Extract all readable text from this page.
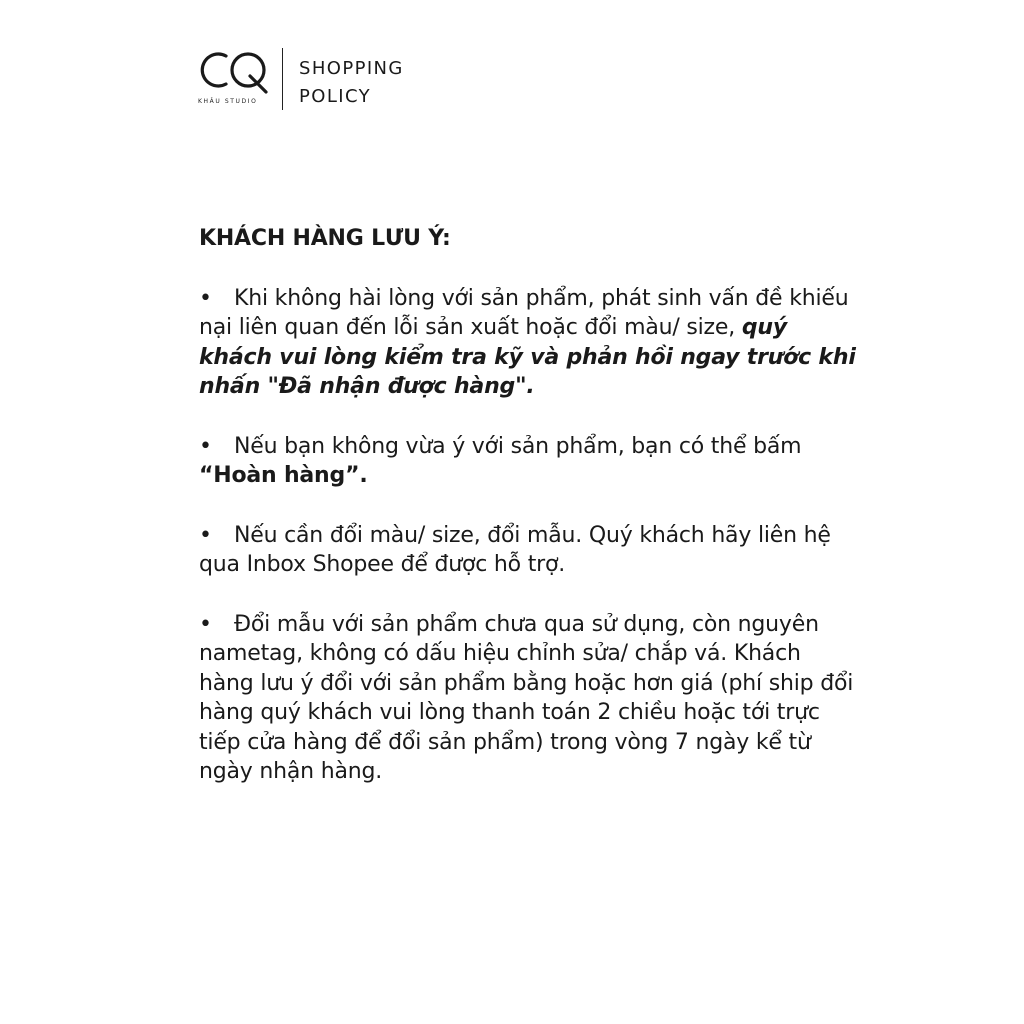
KHÂU STUDIO
SHOPPING
POLICY

KHÁCH HÀNG LƯU Ý:

• Khi không hài lòng với sản phẩm, phát sinh vấn đề khiếu nại liên quan đến lỗi sản xuất hoặc đổi màu/ size, quý khách vui lòng kiểm tra kỹ và phản hồi ngay trước khi nhấn "Đã nhận được hàng".

• Nếu bạn không vừa ý với sản phẩm, bạn có thể bấm “Hoàn hàng”.

• Nếu cần đổi màu/ size, đổi mẫu. Quý khách hãy liên hệ qua Inbox Shopee để được hỗ trợ.

• Đổi mẫu với sản phẩm chưa qua sử dụng, còn nguyên nametag, không có dấu hiệu chỉnh sửa/ chắp vá. Khách hàng lưu ý đổi với sản phẩm bằng hoặc hơn giá (phí ship đổi hàng quý khách vui lòng thanh toán 2 chiều hoặc tới trực tiếp cửa hàng để đổi sản phẩm) trong vòng 7 ngày kể từ ngày nhận hàng.
